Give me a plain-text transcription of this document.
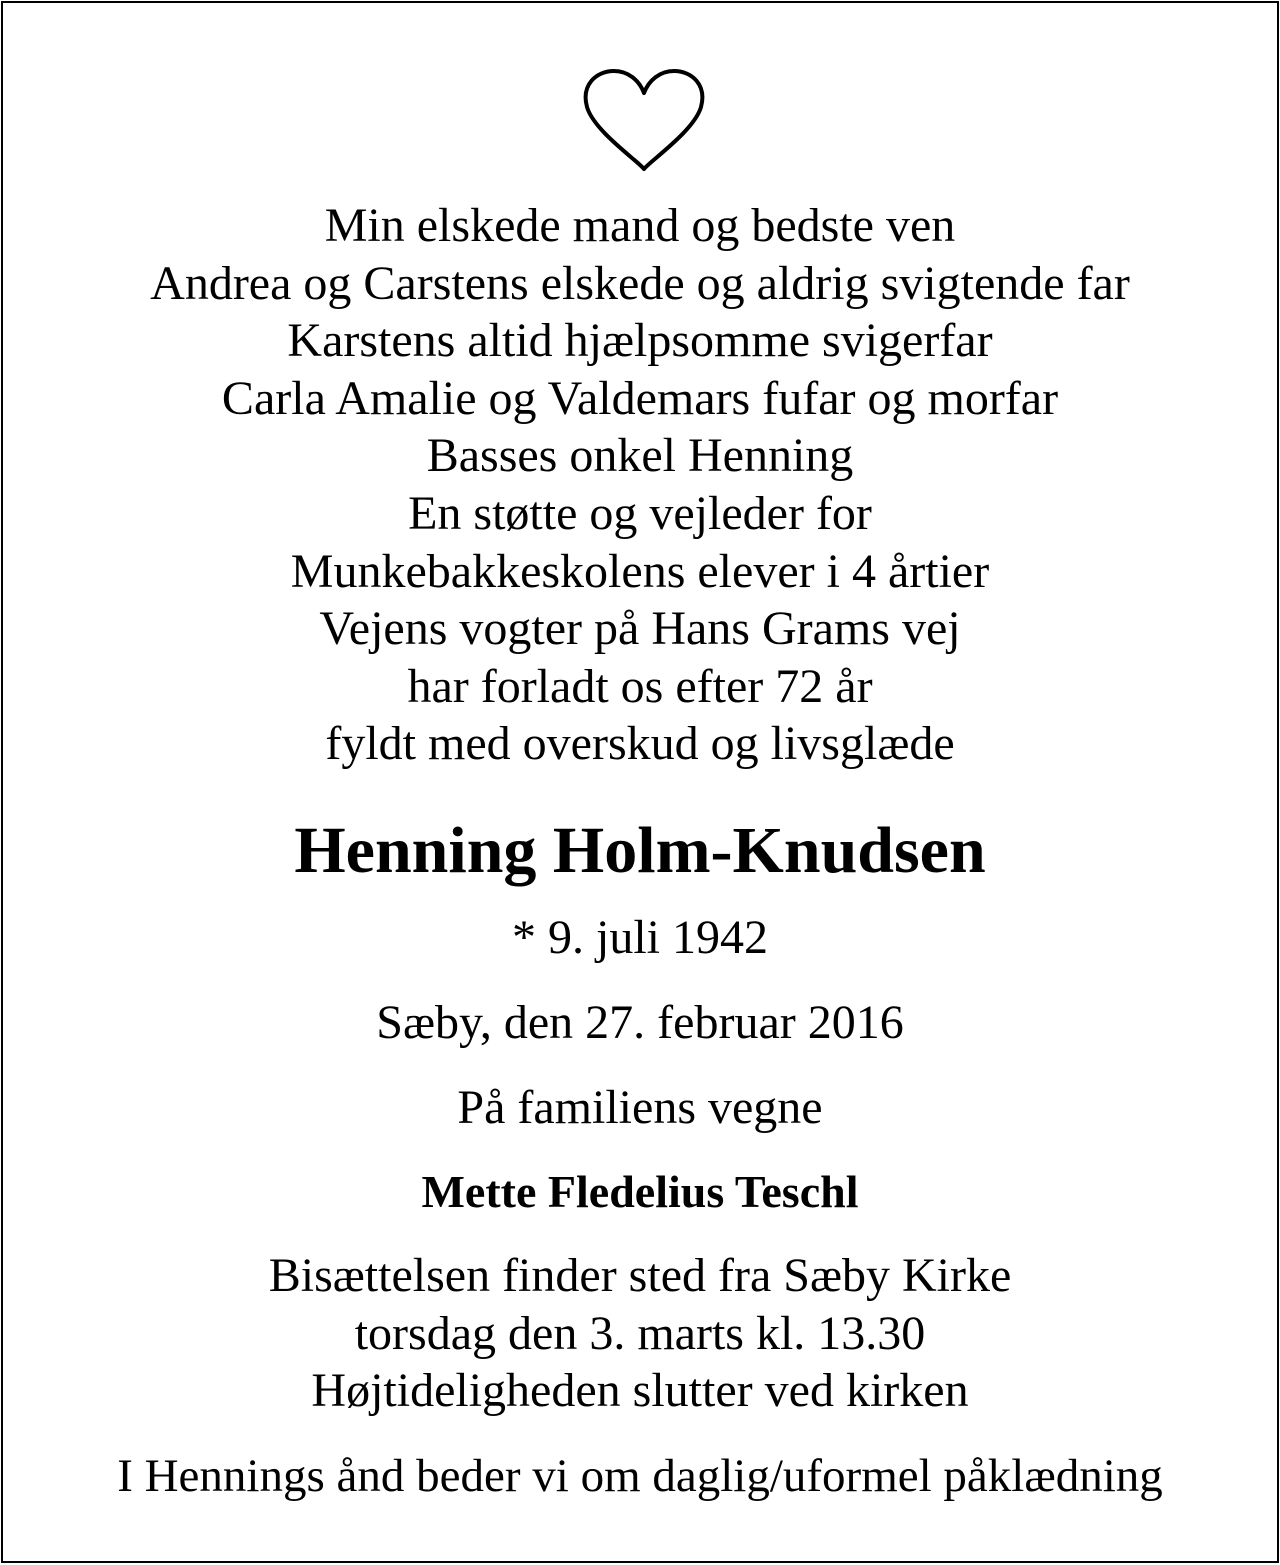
Min elskede mand og bedste ven
Andrea og Carstens elskede og aldrig svigtende far
Karstens altid hjælpsomme svigerfar
Carla Amalie og Valdemars fufar og morfar
Basses onkel Henning
En støtte og vejleder for
Munkebakkeskolens elever i 4 årtier
Vejens vogter på Hans Grams vej
har forladt os efter 72 år
fyldt med overskud og livsglæde
Henning Holm-Knudsen
* 9. juli 1942
Sæby, den 27. februar 2016
På familiens vegne
Mette Fledelius Teschl
Bisættelsen finder sted fra Sæby Kirke
torsdag den 3. marts kl. 13.30
Højtideligheden slutter ved kirken
I Hennings ånd beder vi om daglig/uformel påklædning
